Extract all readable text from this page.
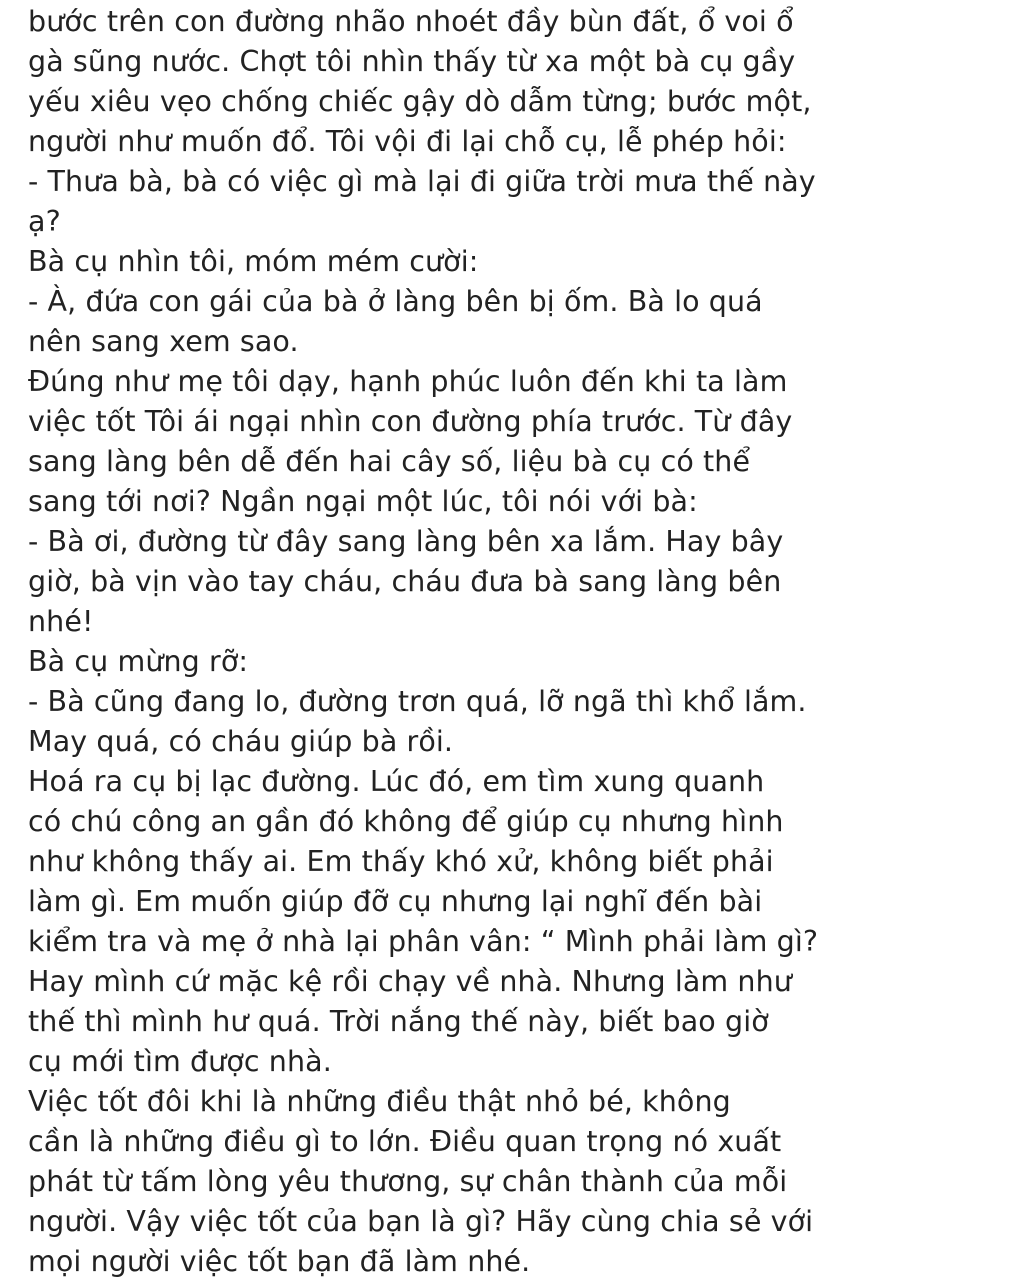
bước trên con đường nhão nhoét đầy bùn đất, ổ voi ổ
gà sũng nước. Chợt tôi nhìn thấy từ xa một bà cụ gầy
yếu xiêu vẹo chống chiếc gậy dò dẫm từng; bước một,
người như muốn đổ. Tôi vội đi lại chỗ cụ, lễ phép hỏi:
- Thưa bà, bà có việc gì mà lại đi giữa trời mưa thế này
ạ?
Bà cụ nhìn tôi, móm mém cười:
- À, đứa con gái của bà ở làng bên bị ốm. Bà lo quá
nên sang xem sao.
Đúng như mẹ tôi dạy, hạnh phúc luôn đến khi ta làm
việc tốt Tôi ái ngại nhìn con đường phía trước. Từ đây
sang làng bên dễ đến hai cây số, liệu bà cụ có thể
sang tới nơi? Ngần ngại một lúc, tôi nói với bà:
- Bà ơi, đường từ đây sang làng bên xa lắm. Hay bây
giờ, bà vịn vào tay cháu, cháu đưa bà sang làng bên
nhé!
Bà cụ mừng rỡ:
- Bà cũng đang lo, đường trơn quá, lỡ ngã thì khổ lắm.
May quá, có cháu giúp bà rồi.
Hoá ra cụ bị lạc đường. Lúc đó, em tìm xung quanh
có chú công an gần đó không để giúp cụ nhưng hình
như không thấy ai. Em thấy khó xử, không biết phải
làm gì. Em muốn giúp đỡ cụ nhưng lại nghĩ đến bài
kiểm tra và mẹ ở nhà lại phân vân: “ Mình phải làm gì?
Hay mình cứ mặc kệ rồi chạy về nhà. Nhưng làm như
thế thì mình hư quá. Trời nắng thế này, biết bao giờ
cụ mới tìm được nhà.
Việc tốt đôi khi là những điều thật nhỏ bé, không
cần là những điều gì to lớn. Điều quan trọng nó xuất
phát từ tấm lòng yêu thương, sự chân thành của mỗi
người. Vậy việc tốt của bạn là gì? Hãy cùng chia sẻ với
mọi người việc tốt bạn đã làm nhé.
